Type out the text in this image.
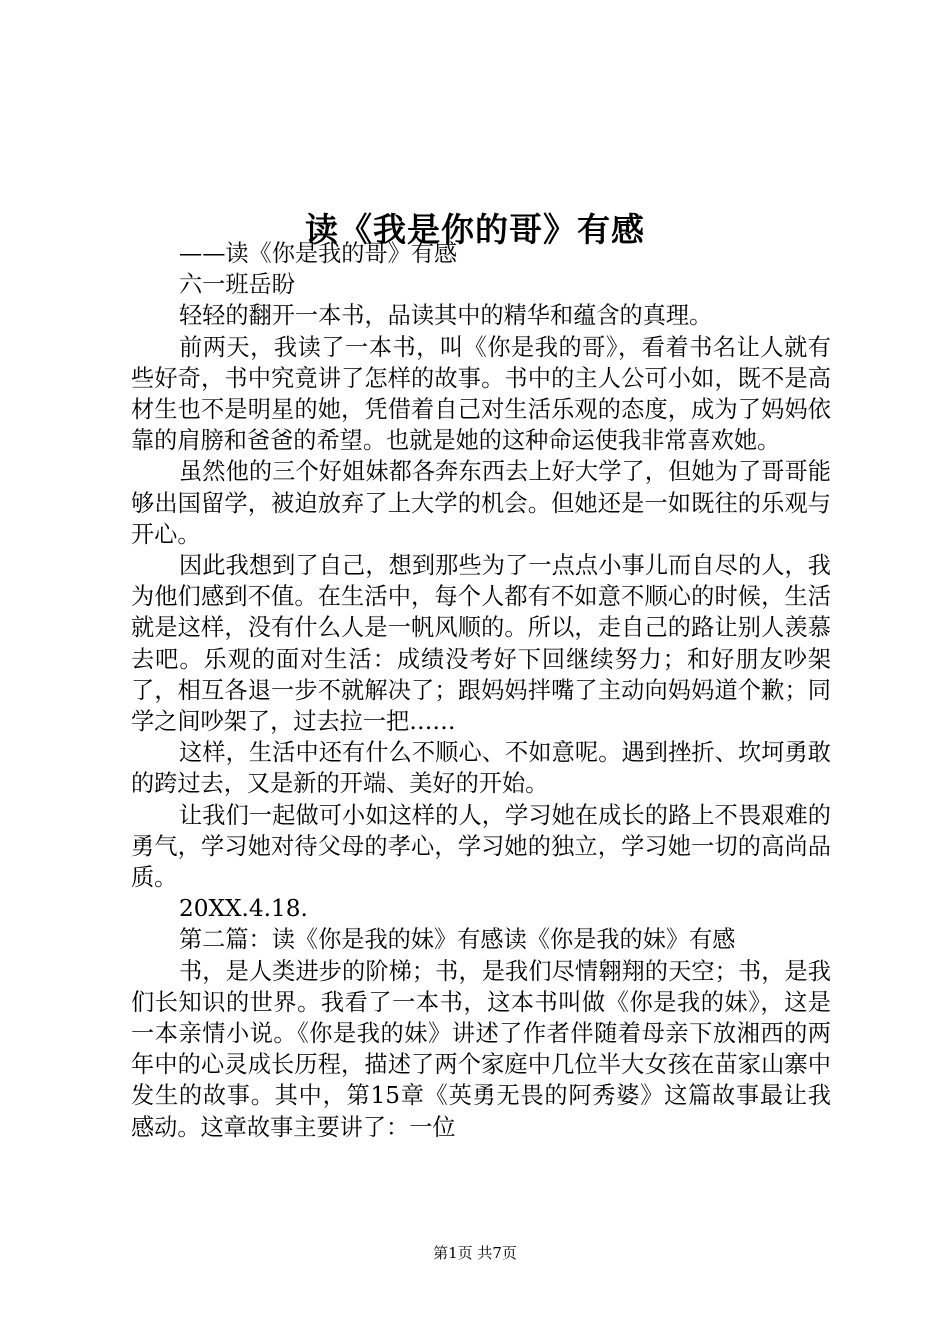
读《我是你的哥》有感

——读《你是我的哥》有感

六一班岳盼

轻轻的翻开一本书，品读其中的精华和蕴含的真理。

前两天，我读了一本书，叫《你是我的哥》，看着书名让人就有些好奇，书中究竟讲了怎样的故事。书中的主人公可小如，既不是高材生也不是明星的她，凭借着自己对生活乐观的态度，成为了妈妈依靠的肩膀和爸爸的希望。也就是她的这种命运使我非常喜欢她。

虽然他的三个好姐妹都各奔东西去上好大学了，但她为了哥哥能够出国留学，被迫放弃了上大学的机会。但她还是一如既往的乐观与开心。

因此我想到了自己，想到那些为了一点点小事儿而自尽的人，我为他们感到不值。在生活中，每个人都有不如意不顺心的时候，生活就是这样，没有什么人是一帆风顺的。所以，走自己的路让别人羡慕去吧。乐观的面对生活：成绩没考好下回继续努力；和好朋友吵架了，相互各退一步不就解决了；跟妈妈拌嘴了主动向妈妈道个歉；同学之间吵架了，过去拉一把……

这样，生活中还有什么不顺心、不如意呢。遇到挫折、坎坷勇敢的跨过去，又是新的开端、美好的开始。

让我们一起做可小如这样的人，学习她在成长的路上不畏艰难的勇气，学习她对待父母的孝心，学习她的独立，学习她一切的高尚品质。

20XX.4.18.

第二篇：读《你是我的妹》有感读《你是我的妹》有感

书，是人类进步的阶梯；书，是我们尽情翱翔的天空；书，是我们长知识的世界。我看了一本书，这本书叫做《你是我的妹》，这是一本亲情小说。《你是我的妹》讲述了作者伴随着母亲下放湘西的两年中的心灵成长历程，描述了两个家庭中几位半大女孩在苗家山寨中发生的故事。其中，第15章《英勇无畏的阿秀婆》这篇故事最让我感动。这章故事主要讲了：一位

第1页 共7页
